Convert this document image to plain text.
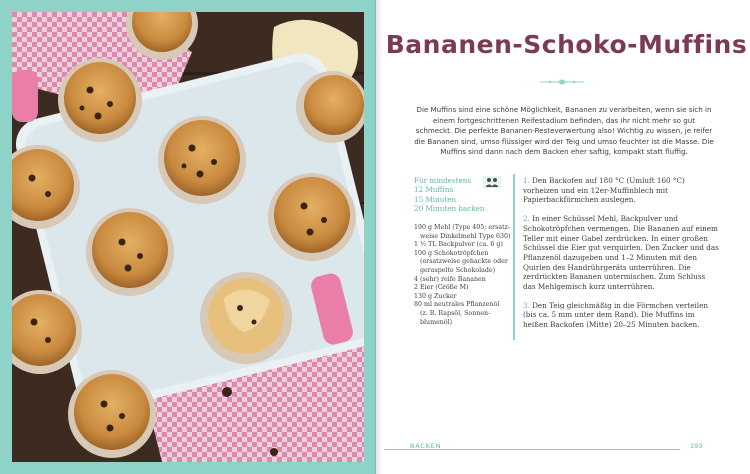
Bananen-Schoko-Muffins
Die Muffins sind eine schöne Möglichkeit, Bananen zu verarbeiten, wenn sie sich in einem fortgeschrittenen Reifestadium befinden, das ihr nicht mehr so gut schmeckt. Die perfekte Bananen-Resteverwertung also! Wichtig zu wissen, je reifer die Bananen sind, umso flüssiger wird der Teig und umso feuchter ist die Masse. Die Muffins sind dann nach dem Backen eher saftig, kompakt statt fluffig.
Für mindestens
12 Muffins
15 Minuten
20 Minuten backen
190 g Mehl (Type 405; ersatz-
weise Dinkelmehl Type 630)
1 ½ TL Backpulver (ca. 6 g)
100 g Schokotröpfchen
(ersatzweise gehackte oder
geraspelte Schokolade)
4 (sehr) reife Bananen
2 Eier (Größe M)
130 g Zucker
80 ml neutrales Pflanzenöl
(z. B. Rapsöl, Sonnen-
blumenöl)

1. Den Backofen auf 180 °C (Umluft 160 °C) vorheizen und ein 12er-Muffinblech mit Papierbackförmchen auslegen.

2. In einer Schüssel Mehl, Backpulver und Schokotröpfchen vermengen. Die Bananen auf einem Teller mit einer Gabel zerdrücken. In einer großen Schüssel die Eier gut verquirlen. Den Zucker und das Pflanzenöl dazugeben und 1–2 Minuten mit den Quirlen des Handrührgeräts unterrühren. Die zerdrückten Bananen untermischen. Zum Schluss das Mehlgemisch kurz unterrühren.

3. Den Teig gleichmäßig in die Förmchen verteilen (bis ca. 5 mm unter dem Rand). Die Muffins im heißen Backofen (Mitte) 20–25 Minuten backen.

BACKEN	193
